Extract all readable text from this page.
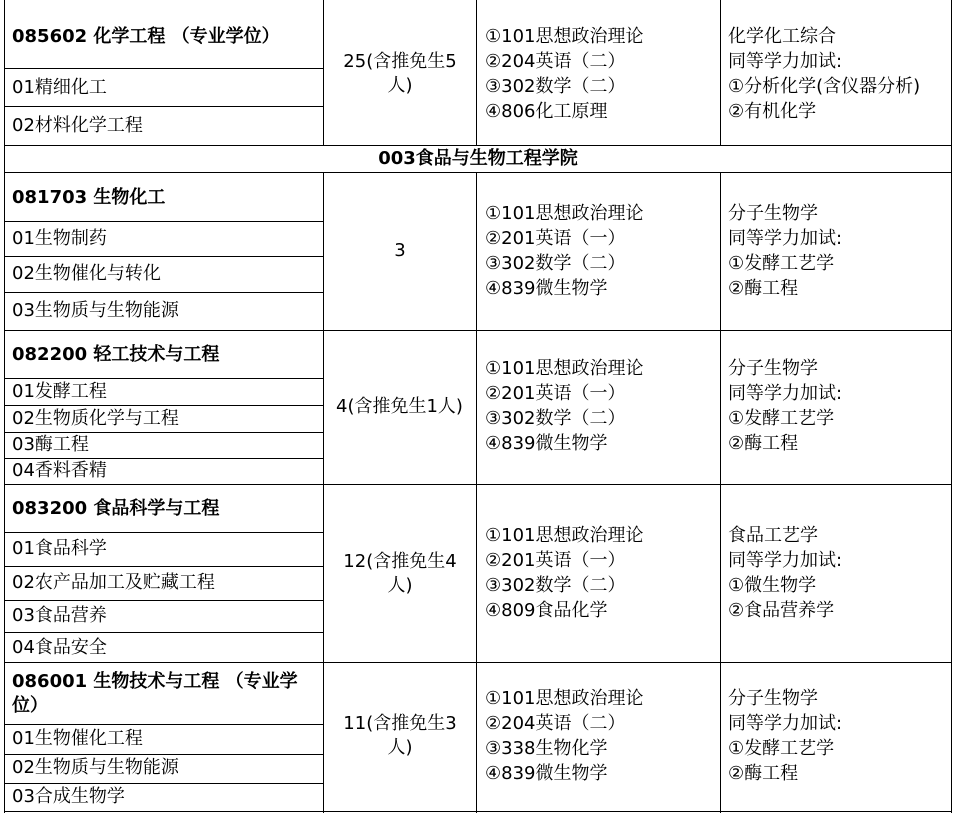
085602 化学工程 （专业学位）
01精细化工
02材料化学工程
25(含推免生5人)
①101思想政治理论
②204英语（二）
③302数学（二）
④806化工原理
化学化工综合
同等学力加试:
①分析化学(含仪器分析)
②有机化学
003食品与生物工程学院
081703 生物化工
01生物制药
02生物催化与转化
03生物质与生物能源
3
①101思想政治理论
②201英语（一）
③302数学（二）
④839微生物学
分子生物学
同等学力加试:
①发酵工艺学
②酶工程
082200 轻工技术与工程
01发酵工程
02生物质化学与工程
03酶工程
04香料香精
4(含推免生1人)
①101思想政治理论
②201英语（一）
③302数学（二）
④839微生物学
分子生物学
同等学力加试:
①发酵工艺学
②酶工程
083200 食品科学与工程
01食品科学
02农产品加工及贮藏工程
03食品营养
04食品安全
12(含推免生4人)
①101思想政治理论
②201英语（一）
③302数学（二）
④809食品化学
食品工艺学
同等学力加试:
①微生物学
②食品营养学
086001 生物技术与工程 （专业学位）
01生物催化工程
02生物质与生物能源
03合成生物学
11(含推免生3人)
①101思想政治理论
②204英语（二）
③338生物化学
④839微生物学
分子生物学
同等学力加试:
①发酵工艺学
②酶工程
